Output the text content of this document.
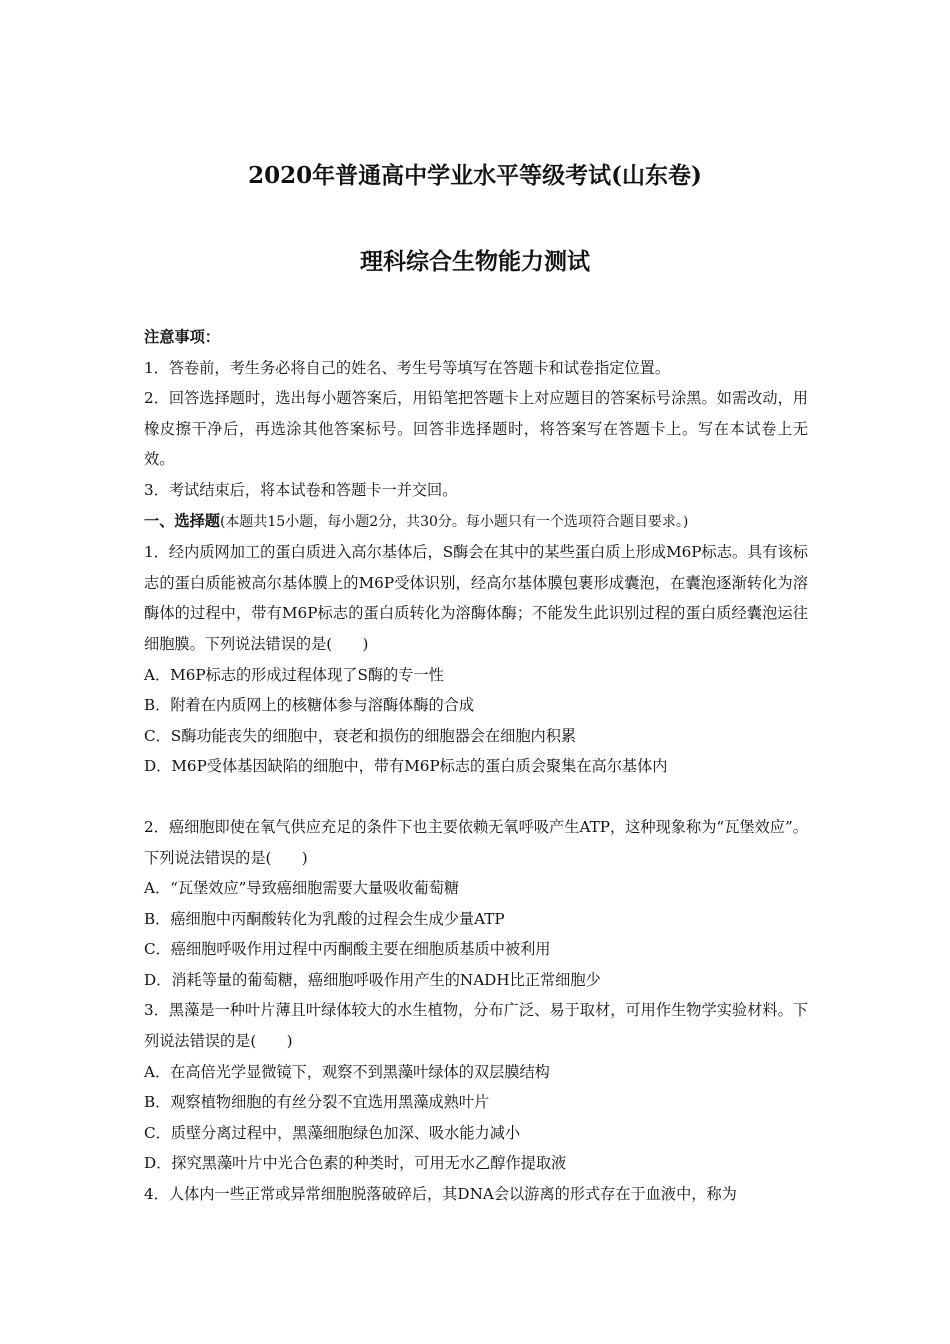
2020年普通高中学业水平等级考试(山东卷)
理科综合生物能力测试

注意事项：

1．答卷前，考生务必将自己的姓名、考生号等填写在答题卡和试卷指定位置。

2．回答选择题时，选出每小题答案后，用铅笔把答题卡上对应题目的答案标号涂黑。如需改动，用橡皮擦干净后，再选涂其他答案标号。回答非选择题时，将答案写在答题卡上。写在本试卷上无效。

3．考试结束后，将本试卷和答题卡一并交回。

一、选择题(本题共15小题，每小题2分，共30分。每小题只有一个选项符合题目要求。)

1．经内质网加工的蛋白质进入高尔基体后，S酶会在其中的某些蛋白质上形成M6P标志。具有该标志的蛋白质能被高尔基体膜上的M6P受体识别，经高尔基体膜包裹形成囊泡，在囊泡逐渐转化为溶酶体的过程中，带有M6P标志的蛋白质转化为溶酶体酶；不能发生此识别过程的蛋白质经囊泡运往细胞膜。下列说法错误的是(　　)

A．M6P标志的形成过程体现了S酶的专一性

B．附着在内质网上的核糖体参与溶酶体酶的合成

C．S酶功能丧失的细胞中，衰老和损伤的细胞器会在细胞内积累

D．M6P受体基因缺陷的细胞中，带有M6P标志的蛋白质会聚集在高尔基体内

2．癌细胞即使在氧气供应充足的条件下也主要依赖无氧呼吸产生ATP，这种现象称为“瓦堡效应”。下列说法错误的是(　　)

A．“瓦堡效应”导致癌细胞需要大量吸收葡萄糖

B．癌细胞中丙酮酸转化为乳酸的过程会生成少量ATP

C．癌细胞呼吸作用过程中丙酮酸主要在细胞质基质中被利用

D．消耗等量的葡萄糖，癌细胞呼吸作用产生的NADH比正常细胞少

3．黑藻是一种叶片薄且叶绿体较大的水生植物，分布广泛、易于取材，可用作生物学实验材料。下列说法错误的是(　　)

A．在高倍光学显微镜下，观察不到黑藻叶绿体的双层膜结构

B．观察植物细胞的有丝分裂不宜选用黑藻成熟叶片

C．质壁分离过程中，黑藻细胞绿色加深、吸水能力减小

D．探究黑藻叶片中光合色素的种类时，可用无水乙醇作提取液

4．人体内一些正常或异常细胞脱落破碎后，其DNA会以游离的形式存在于血液中，称为
